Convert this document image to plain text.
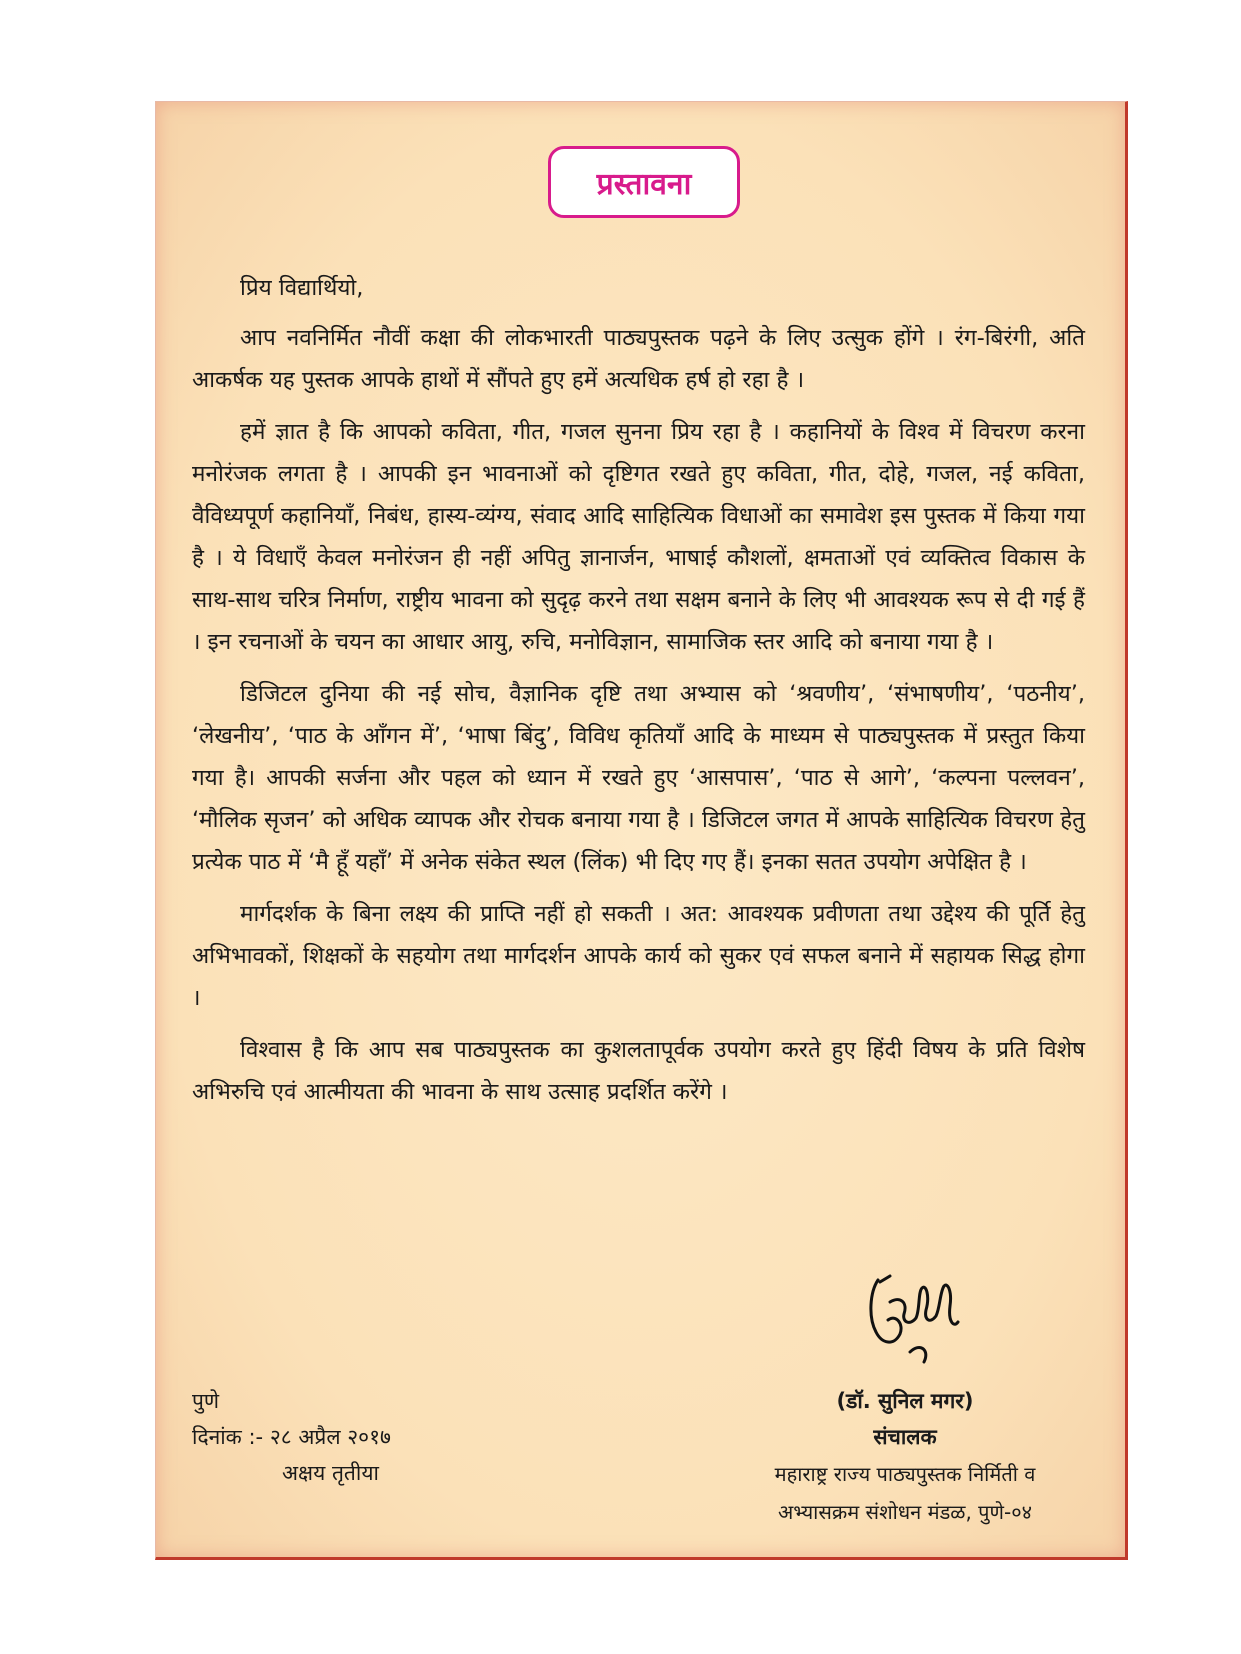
प्रस्तावना

प्रिय विद्यार्थियो,

आप नवनिर्मित नौवीं कक्षा की लोकभारती पाठ्यपुस्तक पढ़ने के लिए उत्सुक होंगे । रंग-बिरंगी, अति आकर्षक यह पुस्तक आपके हाथों में सौंपते हुए हमें अत्यधिक हर्ष हो रहा है ।

हमें ज्ञात है कि आपको कविता, गीत, गजल सुनना प्रिय रहा है । कहानियों के विश्व में विचरण करना मनोरंजक लगता है । आपकी इन भावनाओं को दृष्टिगत रखते हुए कविता, गीत, दोहे, गजल, नई कविता, वैविध्यपूर्ण कहानियाँ, निबंध, हास्य-व्यंग्य, संवाद आदि साहित्यिक विधाओं का समावेश इस पुस्तक में किया गया है । ये विधाएँ केवल मनोरंजन ही नहीं अपितु ज्ञानार्जन, भाषाई कौशलों, क्षमताओं एवं व्यक्तित्व विकास के साथ-साथ चरित्र निर्माण, राष्ट्रीय भावना को सुदृढ़ करने तथा सक्षम बनाने के लिए भी आवश्यक रूप से दी गई हैं । इन रचनाओं के चयन का आधार आयु, रुचि, मनोविज्ञान, सामाजिक स्तर आदि को बनाया गया है ।

डिजिटल दुनिया की नई सोच, वैज्ञानिक दृष्टि तथा अभ्यास को ‘श्रवणीय’, ‘संभाषणीय’, ‘पठनीय’, ‘लेखनीय’, ‘पाठ के आँगन में’, ‘भाषा बिंदु’, विविध कृतियाँ आदि के माध्यम से पाठ्यपुस्तक में प्रस्तुत किया गया है। आपकी सर्जना और पहल को ध्यान में रखते हुए ‘आसपास’, ‘पाठ से आगे’, ‘कल्पना पल्लवन’, ‘मौलिक सृजन’ को अधिक व्यापक और रोचक बनाया गया है । डिजिटल जगत में आपके साहित्यिक विचरण हेतु प्रत्येक पाठ में ‘मै हूँ यहाँ’ में अनेक संकेत स्थल (लिंक) भी दिए गए हैं। इनका सतत उपयोग अपेक्षित है ।

मार्गदर्शक के बिना लक्ष्य की प्राप्ति नहीं हो सकती । अत: आवश्यक प्रवीणता तथा उद्देश्य की पूर्ति हेतु अभिभावकों, शिक्षकों के सहयोग तथा मार्गदर्शन आपके कार्य को सुकर एवं सफल बनाने में सहायक सिद्ध होगा ।

विश्वास है कि आप सब पाठ्यपुस्तक का कुशलतापूर्वक उपयोग करते हुए हिंदी विषय के प्रति विशेष अभिरुचि एवं आत्मीयता की भावना के साथ उत्साह प्रदर्शित करेंगे ।

पुणे
दिनांक :- २८ अप्रैल २०१७
अक्षय तृतीया
(डॉ. सुनिल मगर)
संचालक
महाराष्ट्र राज्य पाठ्यपुस्तक निर्मिती व
अभ्यासक्रम संशोधन मंडळ, पुणे-०४
